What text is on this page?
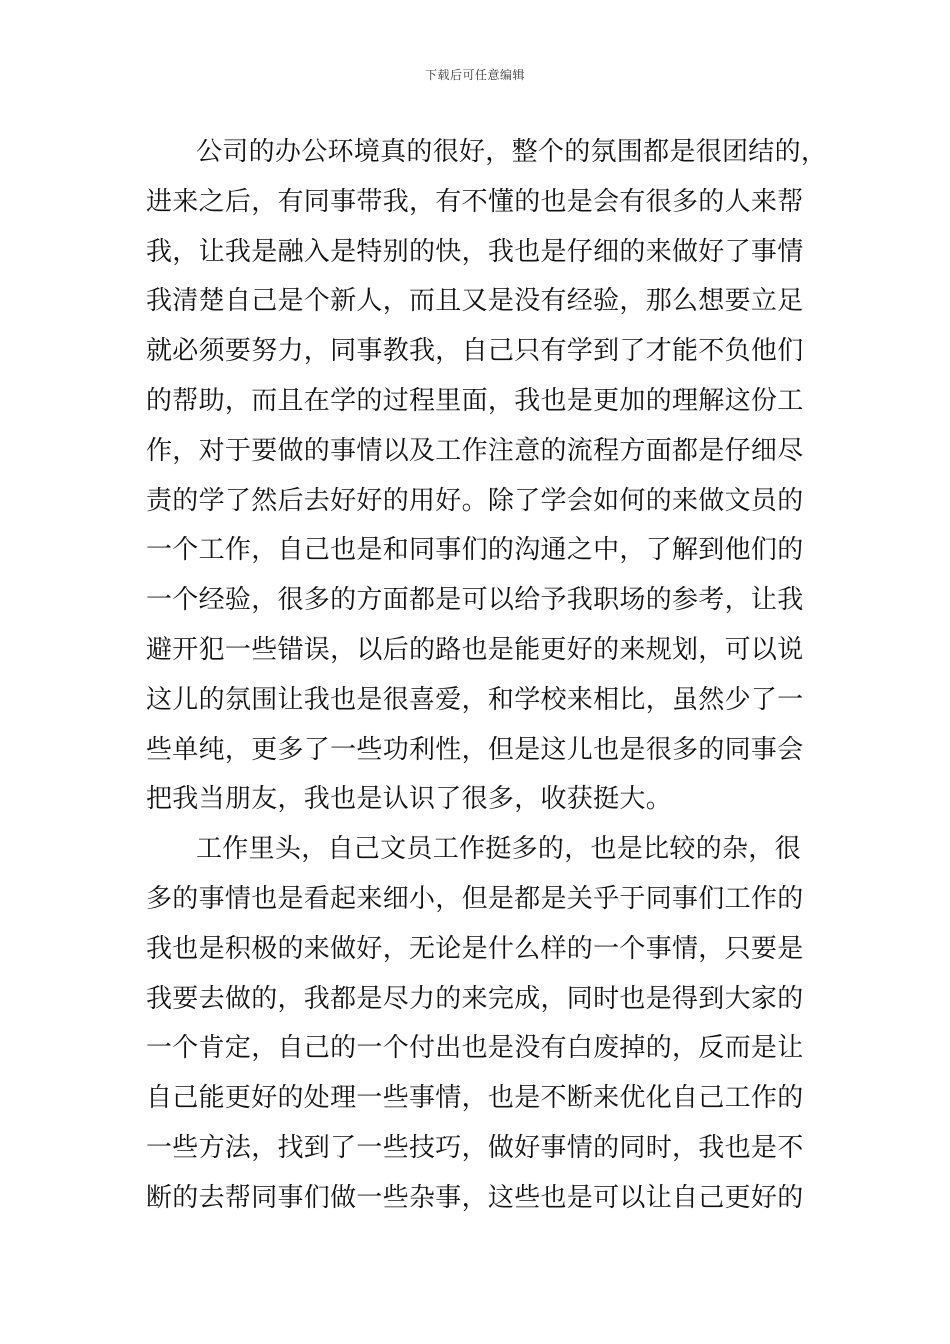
下载后可任意编辑
公司的办公环境真的很好，整个的氛围都是很团结的，
进来之后，有同事带我，有不懂的也是会有很多的人来帮
我，让我是融入是特别的快，我也是仔细的来做好了事情
我清楚自己是个新人，而且又是没有经验，那么想要立足
就必须要努力，同事教我，自己只有学到了才能不负他们
的帮助，而且在学的过程里面，我也是更加的理解这份工
作，对于要做的事情以及工作注意的流程方面都是仔细尽
责的学了然后去好好的用好。除了学会如何的来做文员的
一个工作，自己也是和同事们的沟通之中，了解到他们的
一个经验，很多的方面都是可以给予我职场的参考，让我
避开犯一些错误，以后的路也是能更好的来规划，可以说
这儿的氛围让我也是很喜爱，和学校来相比，虽然少了一
些单纯，更多了一些功利性，但是这儿也是很多的同事会
把我当朋友，我也是认识了很多，收获挺大。
工作里头，自己文员工作挺多的，也是比较的杂，很
多的事情也是看起来细小，但是都是关乎于同事们工作的
我也是积极的来做好，无论是什么样的一个事情，只要是
我要去做的，我都是尽力的来完成，同时也是得到大家的
一个肯定，自己的一个付出也是没有白废掉的，反而是让
自己能更好的处理一些事情，也是不断来优化自己工作的
一些方法，找到了一些技巧，做好事情的同时，我也是不
断的去帮同事们做一些杂事，这些也是可以让自己更好的
